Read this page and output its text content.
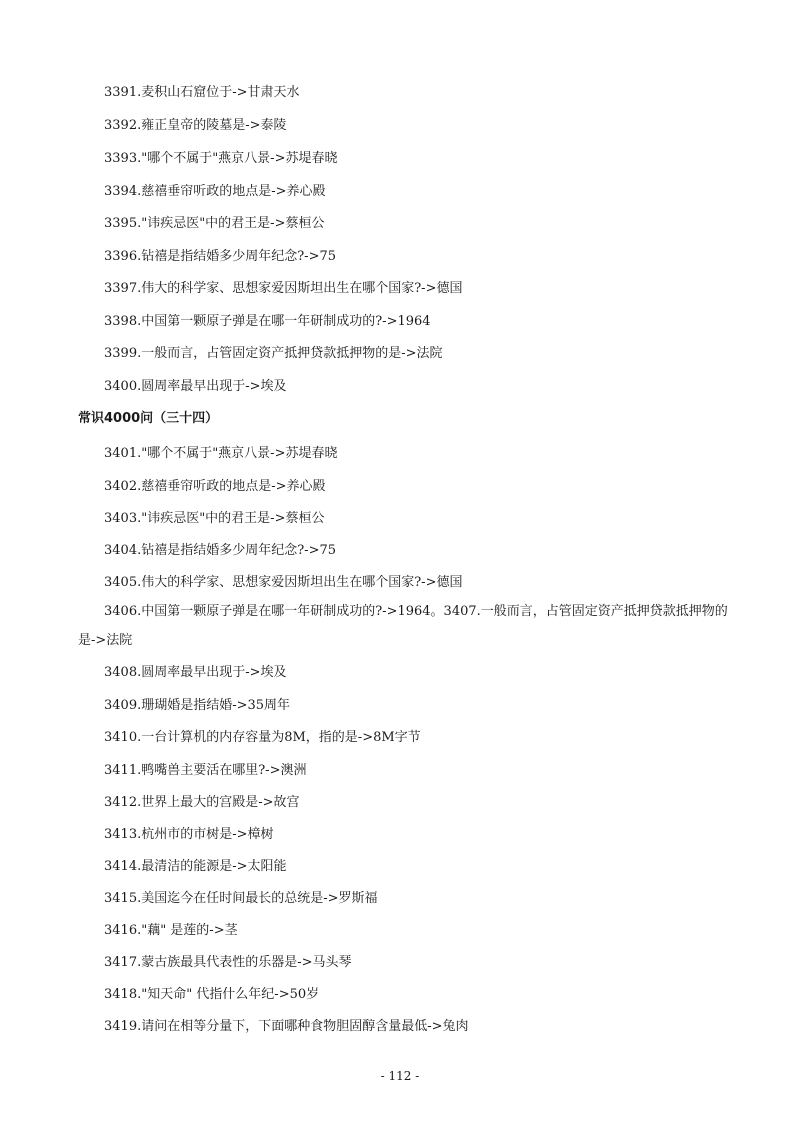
3391.麦积山石窟位于->甘肃天水
3392.雍正皇帝的陵墓是->泰陵
3393."哪个不属于"燕京八景->苏堤春晓
3394.慈禧垂帘听政的地点是->养心殿
3395."讳疾忌医"中的君王是->蔡桓公
3396.钻禧是指结婚多少周年纪念?->75
3397.伟大的科学家、思想家爱因斯坦出生在哪个国家?->德国
3398.中国第一颗原子弹是在哪一年研制成功的?->1964
3399.一般而言，占管固定资产抵押贷款抵押物的是->法院
3400.圆周率最早出现于->埃及
常识4000问（三十四）
3401."哪个不属于"燕京八景->苏堤春晓
3402.慈禧垂帘听政的地点是->养心殿
3403."讳疾忌医"中的君王是->蔡桓公
3404.钻禧是指结婚多少周年纪念?->75
3405.伟大的科学家、思想家爱因斯坦出生在哪个国家?->德国
3406.中国第一颗原子弹是在哪一年研制成功的?->1964。3407.一般而言，占管固定资产抵押贷款抵押物的
是->法院
3408.圆周率最早出现于->埃及
3409.珊瑚婚是指结婚->35周年
3410.一台计算机的内存容量为8M，指的是->8M字节
3411.鸭嘴兽主要活在哪里?->澳洲
3412.世界上最大的宫殿是->故宫
3413.杭州市的市树是->樟树
3414.最清洁的能源是->太阳能
3415.美国迄今在任时间最长的总统是->罗斯福
3416."藕" 是莲的->茎
3417.蒙古族最具代表性的乐器是->马头琴
3418."知天命" 代指什么年纪->50岁
3419.请问在相等分量下，下面哪种食物胆固醇含量最低->兔肉
- 112 -
